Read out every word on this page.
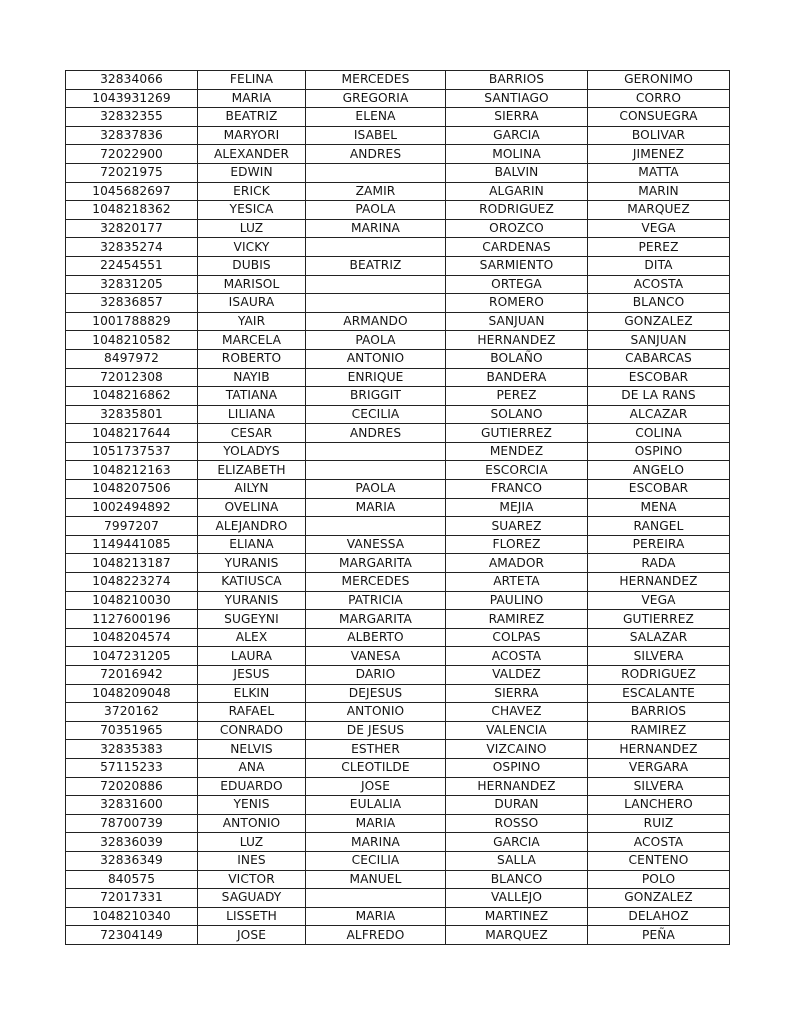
32834066	FELINA	MERCEDES	BARRIOS	GERONIMO
1043931269	MARIA	GREGORIA	SANTIAGO	CORRO
32832355	BEATRIZ	ELENA	SIERRA	CONSUEGRA
32837836	MARYORI	ISABEL	GARCIA	BOLIVAR
72022900	ALEXANDER	ANDRES	MOLINA	JIMENEZ
72021975	EDWIN		BALVIN	MATTA
1045682697	ERICK	ZAMIR	ALGARIN	MARIN
1048218362	YESICA	PAOLA	RODRIGUEZ	MARQUEZ
32820177	LUZ	MARINA	OROZCO	VEGA
32835274	VICKY		CARDENAS	PEREZ
22454551	DUBIS	BEATRIZ	SARMIENTO	DITA
32831205	MARISOL		ORTEGA	ACOSTA
32836857	ISAURA		ROMERO	BLANCO
1001788829	YAIR	ARMANDO	SANJUAN	GONZALEZ
1048210582	MARCELA	PAOLA	HERNANDEZ	SANJUAN
8497972	ROBERTO	ANTONIO	BOLAÑO	CABARCAS
72012308	NAYIB	ENRIQUE	BANDERA	ESCOBAR
1048216862	TATIANA	BRIGGIT	PEREZ	DE LA RANS
32835801	LILIANA	CECILIA	SOLANO	ALCAZAR
1048217644	CESAR	ANDRES	GUTIERREZ	COLINA
1051737537	YOLADYS		MENDEZ	OSPINO
1048212163	ELIZABETH		ESCORCIA	ANGELO
1048207506	AILYN	PAOLA	FRANCO	ESCOBAR
1002494892	OVELINA	MARIA	MEJIA	MENA
7997207	ALEJANDRO		SUAREZ	RANGEL
1149441085	ELIANA	VANESSA	FLOREZ	PEREIRA
1048213187	YURANIS	MARGARITA	AMADOR	RADA
1048223274	KATIUSCA	MERCEDES	ARTETA	HERNANDEZ
1048210030	YURANIS	PATRICIA	PAULINO	VEGA
1127600196	SUGEYNI	MARGARITA	RAMIREZ	GUTIERREZ
1048204574	ALEX	ALBERTO	COLPAS	SALAZAR
1047231205	LAURA	VANESA	ACOSTA	SILVERA
72016942	JESUS	DARIO	VALDEZ	RODRIGUEZ
1048209048	ELKIN	DEJESUS	SIERRA	ESCALANTE
3720162	RAFAEL	ANTONIO	CHAVEZ	BARRIOS
70351965	CONRADO	DE JESUS	VALENCIA	RAMIREZ
32835383	NELVIS	ESTHER	VIZCAINO	HERNANDEZ
57115233	ANA	CLEOTILDE	OSPINO	VERGARA
72020886	EDUARDO	JOSE	HERNANDEZ	SILVERA
32831600	YENIS	EULALIA	DURAN	LANCHERO
78700739	ANTONIO	MARIA	ROSSO	RUIZ
32836039	LUZ	MARINA	GARCIA	ACOSTA
32836349	INES	CECILIA	SALLA	CENTENO
840575	VICTOR	MANUEL	BLANCO	POLO
72017331	SAGUADY		VALLEJO	GONZALEZ
1048210340	LISSETH	MARIA	MARTINEZ	DELAHOZ
72304149	JOSE	ALFREDO	MARQUEZ	PEÑA
